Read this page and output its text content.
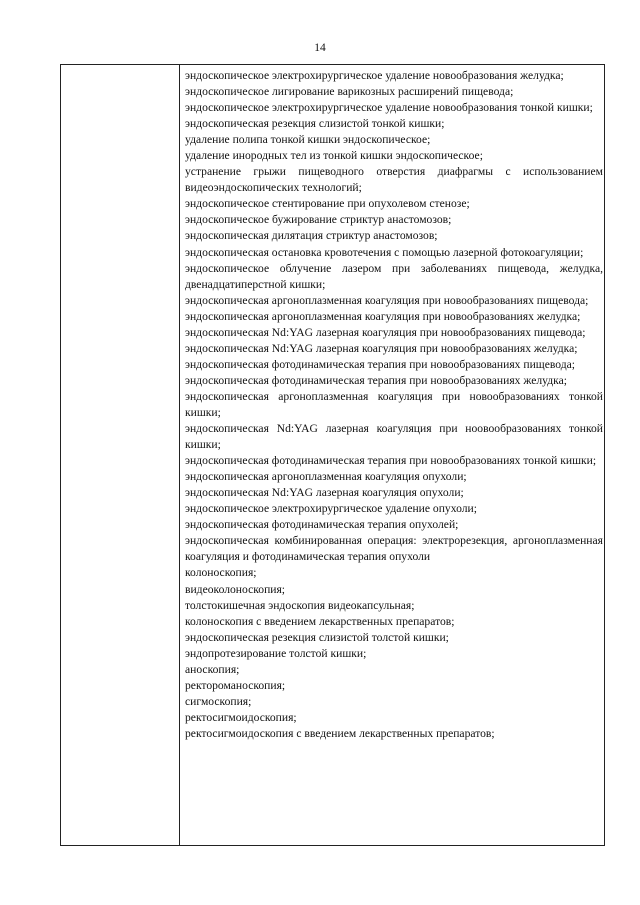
14

эндоскопическое электрохирургическое удаление новообразования желудка;

эндоскопическое лигирование варикозных расширений пищевода;

эндоскопическое электрохирургическое удаление новообразования тонкой кишки;

эндоскопическая резекция слизистой тонкой кишки;

удаление полипа тонкой кишки эндоскопическое;

удаление инородных тел из тонкой кишки эндоскопическое;

устранение грыжи пищеводного отверстия диафрагмы с использованием видеоэндоскопических технологий;

эндоскопическое стентирование при опухолевом стенозе;

эндоскопическое бужирование стриктур анастомозов;

эндоскопическая дилятация стриктур анастомозов;

эндоскопическая остановка кровотечения с помощью лазерной фотокоагуляции;

эндоскопическое облучение лазером при заболеваниях пищевода, желудка, двенадцатиперстной кишки;

эндоскопическая аргоноплазменная коагуляция при новообразованиях пищевода;

эндоскопическая аргоноплазменная коагуляция при новообразованиях желудка;

эндоскопическая Nd:YAG лазерная коагуляция при новообразованиях пищевода;

эндоскопическая Nd:YAG лазерная коагуляция при новообразованиях желудка;

эндоскопическая фотодинамическая терапия при новообразованиях пищевода;

эндоскопическая фотодинамическая терапия при новообразованиях желудка;

эндоскопическая аргоноплазменная коагуляция при новообразованиях тонкой кишки;

эндоскопическая Nd:YAG лазерная коагуляция при ноовообразованиях тонкой кишки;

эндоскопическая фотодинамическая терапия при новообразованиях тонкой кишки;

эндоскопическая аргоноплазменная коагуляция опухоли;

эндоскопическая Nd:YAG лазерная коагуляция опухоли;

эндоскопическое электрохирургическое удаление опухоли;

эндоскопическая фотодинамическая терапия опухолей;

эндоскопическая комбинированная операция: электрорезекция, аргоноплазменная коагуляция и фотодинамическая терапия опухоли

колоноскопия;

видеоколоноскопия;

толстокишечная эндоскопия видеокапсульная;

колоноскопия с введением лекарственных препаратов;

эндоскопическая резекция слизистой толстой кишки;

эндопротезирование толстой кишки;

аноскопия;

ректороманоскопия;

сигмоскопия;

ректосигмоидоскопия;

ректосигмоидоскопия с введением лекарственных препаратов;
